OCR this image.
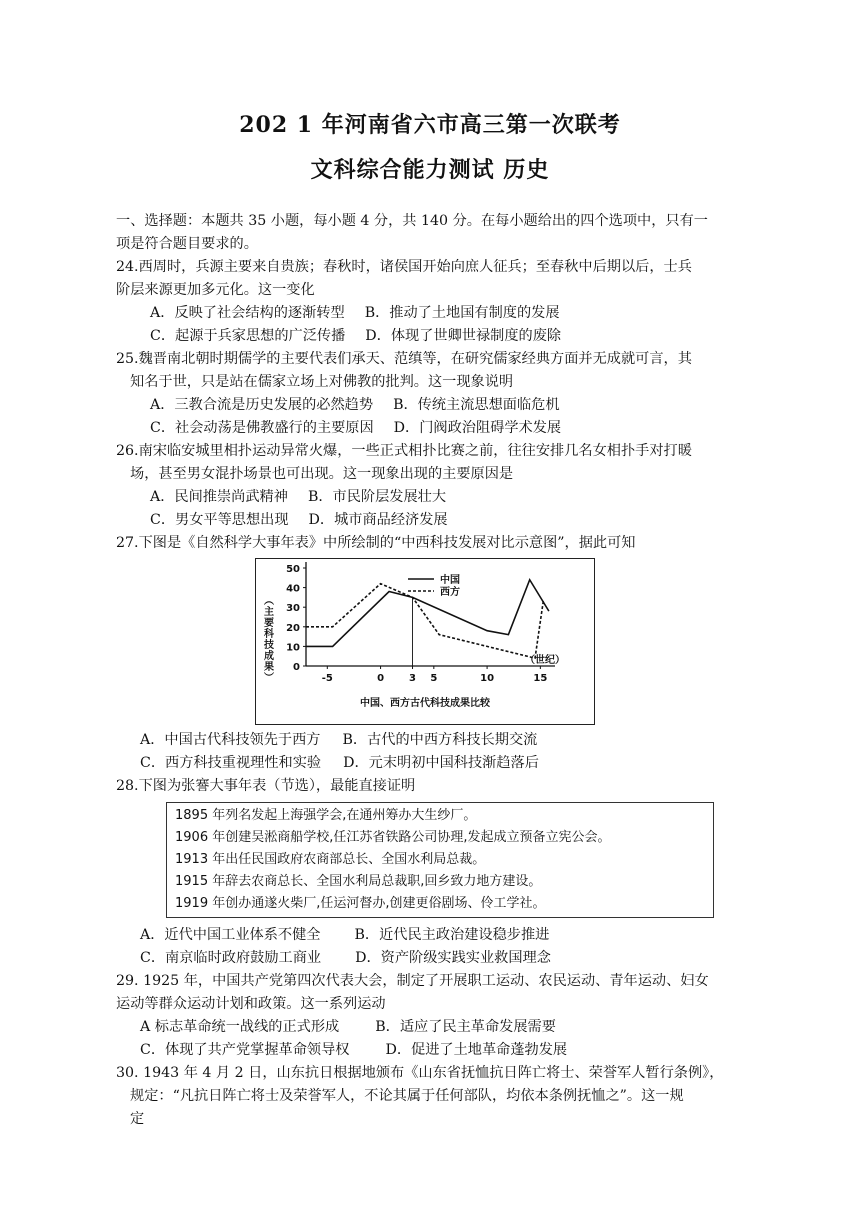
202 1 年河南省六市高三第一次联考
文科综合能力测试 历史
一、选择题：本题共 35 小题，每小题 4 分，共 140 分。在每小题给出的四个选项中，只有一
项是符合题目要求的。
24.西周时，兵源主要来自贵族；春秋时，诸侯国开始向庶人征兵；至春秋中后期以后，士兵
阶层来源更加多元化。这一变化
A．反映了社会结构的逐渐转型 B．推动了土地国有制度的发展
C．起源于兵家思想的广泛传播 D．体现了世卿世禄制度的废除
25.魏晋南北朝时期儒学的主要代表们承天、范缜等，在研究儒家经典方面并无成就可言，其
知名于世，只是站在儒家立场上对佛教的批判。这一现象说明
A．三教合流是历史发展的必然趋势 B．传统主流思想面临危机
C．社会动荡是佛教盛行的主要原因 D．门阀政治阻碍学术发展
26.南宋临安城里相扑运动异常火爆，一些正式相扑比赛之前，往往安排几名女相扑手对打暖
场，甚至男女混扑场景也可出现。这一现象出现的主要原因是
A．民间推崇尚武精神 B．市民阶层发展壮大
C．男女平等思想出现 D．城市商品经济发展
27.下图是《自然科学大事年表》中所绘制的“中西科技发展对比示意图”，据此可知
0
10
20
30
40
50
-5	0 3 5	10	15
中国
西方
（主要科技成果）	（世纪）
中国、西方古代科技成果比较
A．中国古代科技领先于西方 B．古代的中西方科技长期交流
C．西方科技重视理性和实验 D．元末明初中国科技渐趋落后
28.下图为张謇大事年表（节选），最能直接证明
1895 年列名发起上海强学会,在通州筹办大生纱厂。
1906 年创建吴淞商船学校,任江苏省铁路公司协理,发起成立预备立宪公会。
1913 年出任民国政府农商部总长、全国水利局总裁。
1915 年辞去农商总长、全国水利局总裁职,回乡致力地方建设。
1919 年创办通遂火柴厂,任运河督办,创建更俗剧场、伶工学社。
A．近代中国工业体系不健全 B．近代民主政治建设稳步推进
C．南京临时政府鼓励工商业 D．资产阶级实践实业救国理念
29. 1925 年，中国共产党第四次代表大会，制定了开展职工运动、农民运动、青年运动、妇女
运动等群众运动计划和政策。这一系列运动
A 标志革命统一战线的正式形成	B．适应了民主革命发展需要
C．体现了共产党掌握革命领导权	D．促进了土地革命蓬勃发展
30. 1943 年 4 月 2 日，山东抗日根据地颁布《山东省抚恤抗日阵亡将士、荣誉军人暂行条例》，
规定：“凡抗日阵亡将士及荣誉军人，不论其属于任何部队，均依本条例抚恤之”。这一规
定
